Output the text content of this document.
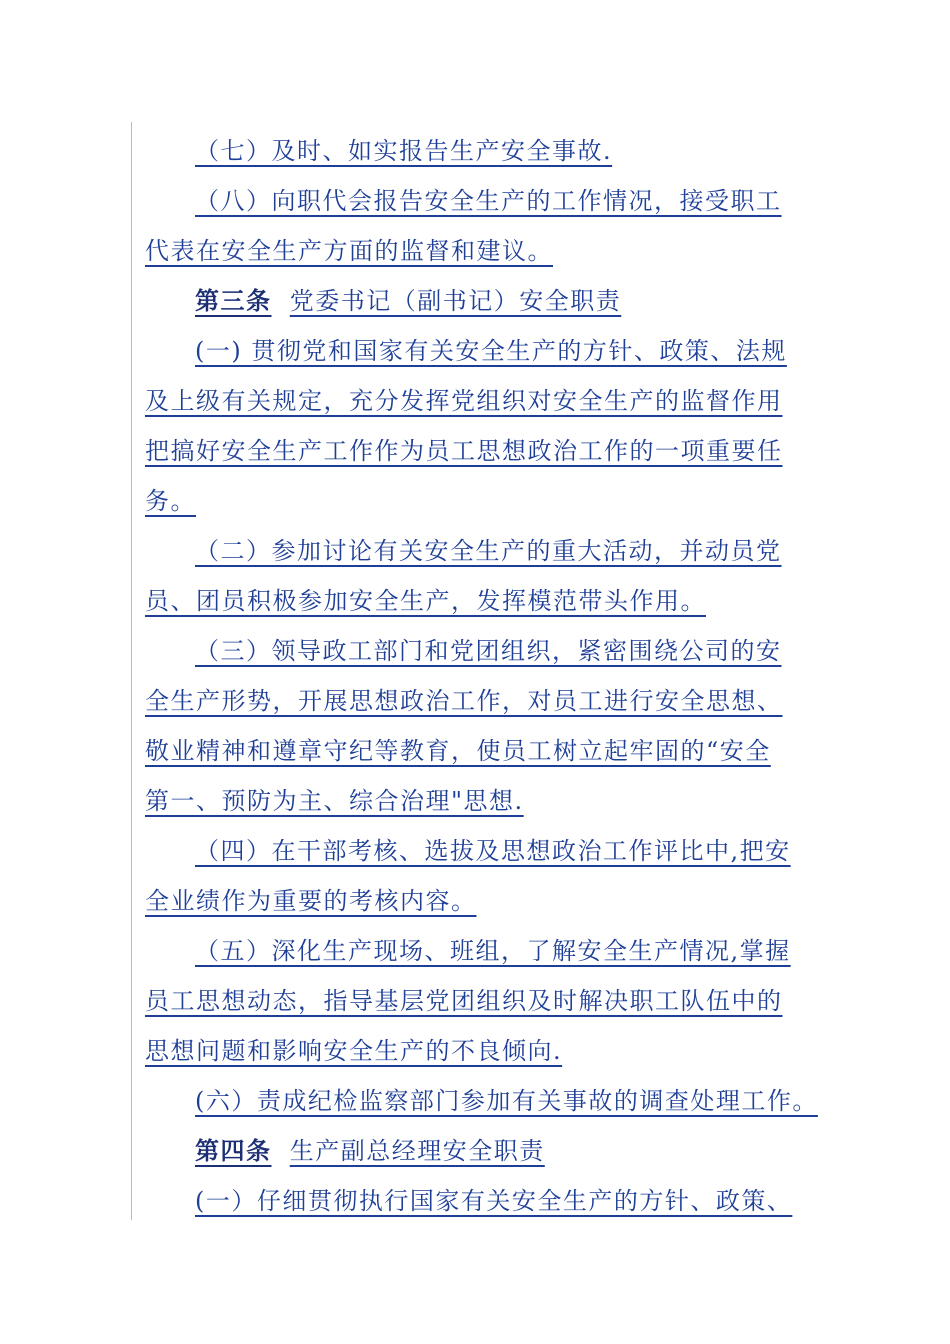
（七）及时、如实报告生产安全事故.
（八）向职代会报告安全生产的工作情况，接受职工
代表在安全生产方面的监督和建议。
第三条 党委书记（副书记）安全职责
(一) 贯彻党和国家有关安全生产的方针、政策、法规
及上级有关规定，充分发挥党组织对安全生产的监督作用
把搞好安全生产工作作为员工思想政治工作的一项重要任
务。
（二）参加讨论有关安全生产的重大活动，并动员党
员、团员积极参加安全生产，发挥模范带头作用。
（三）领导政工部门和党团组织，紧密围绕公司的安
全生产形势，开展思想政治工作，对员工进行安全思想、
敬业精神和遵章守纪等教育，使员工树立起牢固的“安全
第一、预防为主、综合治理"思想.
（四）在干部考核、选拔及思想政治工作评比中,把安
全业绩作为重要的考核内容。
（五）深化生产现场、班组，了解安全生产情况,掌握
员工思想动态，指导基层党团组织及时解决职工队伍中的
思想问题和影响安全生产的不良倾向.
(六）责成纪检监察部门参加有关事故的调查处理工作。
第四条 生产副总经理安全职责
(一）仔细贯彻执行国家有关安全生产的方针、政策、
